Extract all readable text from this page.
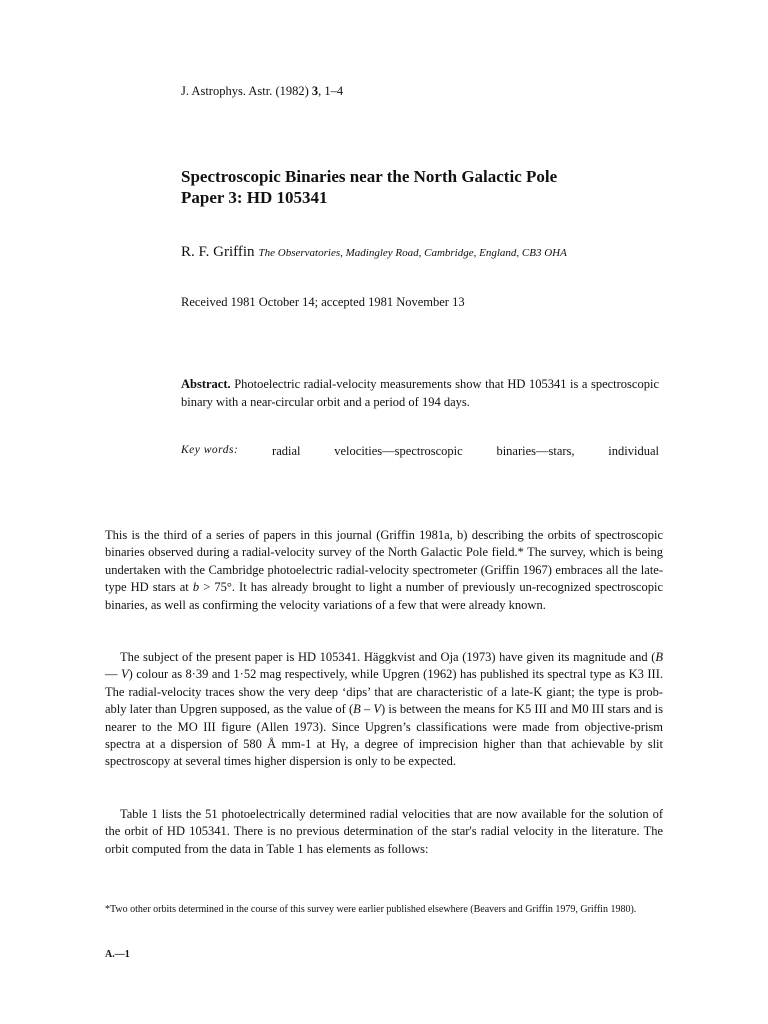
J. Astrophys. Astr. (1982) 3, 1–4
Spectroscopic Binaries near the North Galactic Pole
Paper 3: HD 105341
R. F. Griffin The Observatories, Madingley Road, Cambridge, England, CB3 OHA
Received 1981 October 14; accepted 1981 November 13
Abstract. Photoelectric radial-velocity measurements show that HD 105341 is a spectroscopic binary with a near-circular orbit and a period of 194 days.
Key words:	radial	velocities—spectroscopic	binaries—stars,	individual
This is the third of a series of papers in this journal (Griffin 1981a, b) describing the orbits of spectroscopic binaries observed during a radial-velocity survey of the North Galactic Pole field.* The survey, which is being undertaken with the Cambridge photoelectric radial-velocity spectrometer (Griffin 1967) embraces all the late-type HD stars at b > 75°. It has already brought to light a number of previously un-recognized spectroscopic binaries, as well as confirming the velocity variations of a few that were already known.
The subject of the present paper is HD 105341. Häggkvist and Oja (1973) have given its magnitude and (B — V) colour as 8·39 and 1·52 mag respectively, while Upgren (1962) has published its spectral type as K3 III. The radial-velocity traces show the very deep ‘dips’ that are characteristic of a late-K giant; the type is prob-ably later than Upgren supposed, as the value of (B – V) is between the means for K5 III and M0 III stars and is nearer to the MO III figure (Allen 1973). Since Upgren’s classifications were made from objective-prism spectra at a dispersion of 580 Å mm-1 at Hγ, a degree of imprecision higher than that achievable by slit spectroscopy at several times higher dispersion is only to be expected.
Table 1 lists the 51 photoelectrically determined radial velocities that are now available for the solution of the orbit of HD 105341. There is no previous determination of the star's radial velocity in the literature. The orbit computed from the data in Table 1 has elements as follows:
*Two other orbits determined in the course of this survey were earlier published elsewhere (Beavers and Griffin 1979, Griffin 1980).
A.—1
